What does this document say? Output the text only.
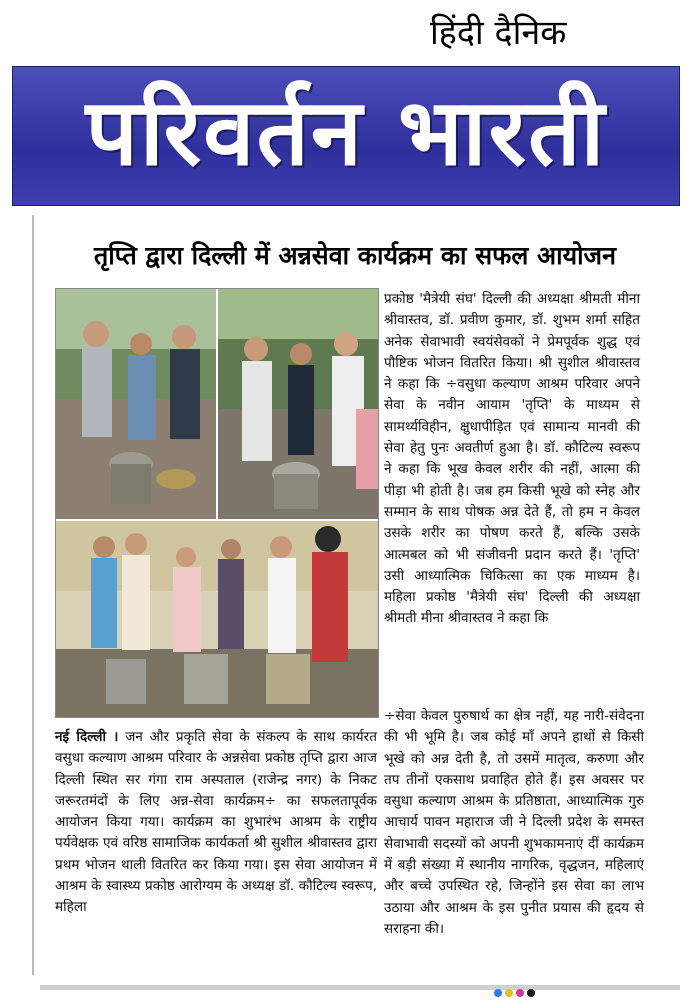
हिंदी दैनिक
परिवर्तन भारती
तृप्ति द्वारा दिल्ली में अन्नसेवा कार्यक्रम का सफल आयोजन
प्रकोष्ठ 'मैत्रेयी संघ' दिल्ली की अध्यक्षा श्रीमती मीना श्रीवास्तव, डॉ. प्रवीण कुमार, डॉ. शुभम शर्मा सहित अनेक सेवाभावी स्वयंसेवकों ने प्रेमपूर्वक शुद्ध एवं पौष्टिक भोजन वितरित किया। श्री सुशील श्रीवास्तव ने कहा कि ÷वसुधा कल्याण आश्रम परिवार अपने सेवा के नवीन आयाम 'तृप्ति' के माध्यम से सामर्थ्यविहीन, क्षुधापीड़ित एवं सामान्य मानवी की सेवा हेतु पुनः अवतीर्ण हुआ है। डॉ. कौटिल्य स्वरूप ने कहा कि भूख केवल शरीर की नहीं, आत्मा की पीड़ा भी होती है। जब हम किसी भूखे को स्नेह और सम्मान के साथ पोषक अन्न देते हैं, तो हम न केवल उसके शरीर का पोषण करते हैं, बल्कि उसके आत्मबल को भी संजीवनी प्रदान करते हैं। 'तृप्ति' उसी आध्यात्मिक चिकित्सा का एक माध्यम है। महिला प्रकोष्ठ 'मैत्रेयी संघ' दिल्ली की अध्यक्षा श्रीमती मीना श्रीवास्तव ने कहा कि
नई दिल्ली । जन और प्रकृति सेवा के संकल्प के साथ कार्यरत वसुधा कल्याण आश्रम परिवार के अन्नसेवा प्रकोष्ठ तृप्ति द्वारा आज दिल्ली स्थित सर गंगा राम अस्पताल (राजेन्द्र नगर) के निकट जरूरतमंदों के लिए अन्न-सेवा कार्यक्रम÷ का सफलतापूर्वक आयोजन किया गया। कार्यक्रम का शुभारंभ आश्रम के राष्ट्रीय पर्यवेक्षक एवं वरिष्ठ सामाजिक कार्यकर्ता श्री सुशील श्रीवास्तव द्वारा प्रथम भोजन थाली वितरित कर किया गया। इस सेवा आयोजन में आश्रम के स्वास्थ्य प्रकोष्ठ आरोग्यम के अध्यक्ष डॉ. कौटिल्य स्वरूप, महिला
÷सेवा केवल पुरुषार्थ का क्षेत्र नहीं, यह नारी-संवेदना की भी भूमि है। जब कोई माँ अपने हाथों से किसी भूखे को अन्न देती है, तो उसमें मातृत्व, करुणा और तप तीनों एकसाथ प्रवाहित होते हैं। इस अवसर पर वसुधा कल्याण आश्रम के प्रतिष्ठाता, आध्यात्मिक गुरु आचार्य पावन महाराज जी ने दिल्ली प्रदेश के समस्त सेवाभावी सदस्यों को अपनी शुभकामनाएं दीं कार्यक्रम में बड़ी संख्या में स्थानीय नागरिक, वृद्धजन, महिलाएं और बच्चे उपस्थित रहे, जिन्होंने इस सेवा का लाभ उठाया और आश्रम के इस पुनीत प्रयास की हृदय से सराहना की।
